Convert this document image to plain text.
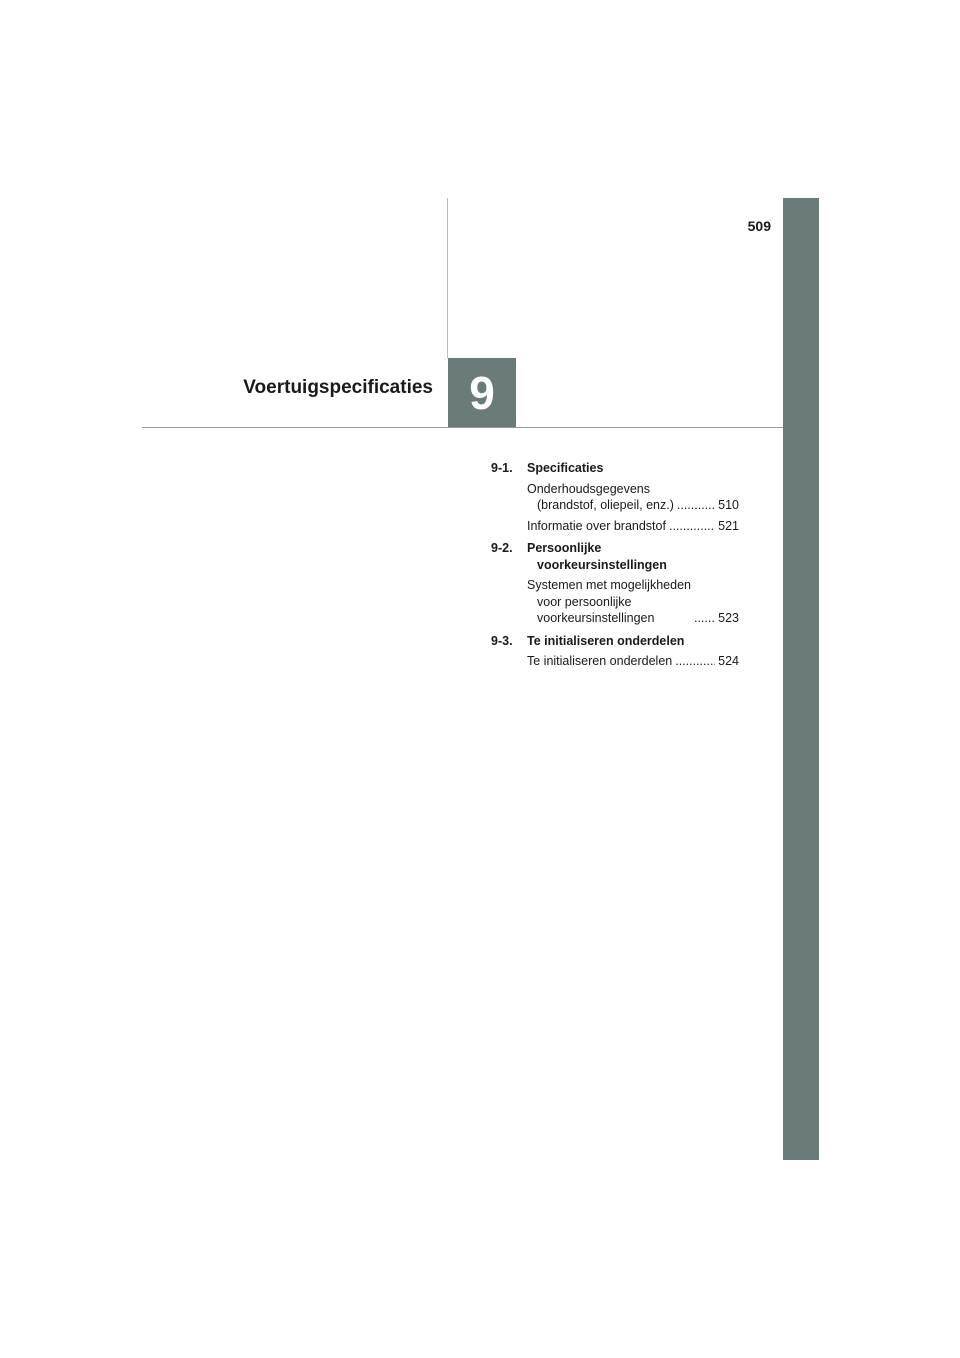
509
Voertuigspecificaties 9
9-1.	Specificaties
Onderhoudsgegevens
(brandstof, oliepeil, enz.) .....	510
Informatie over brandstof .....	521
9-2.	Persoonlijke
voorkeursinstellingen
Systemen met mogelijkheden
voor persoonlijke
voorkeursinstellingen .....	523
9-3.	Te initialiseren onderdelen
Te initialiseren onderdelen .....	524
